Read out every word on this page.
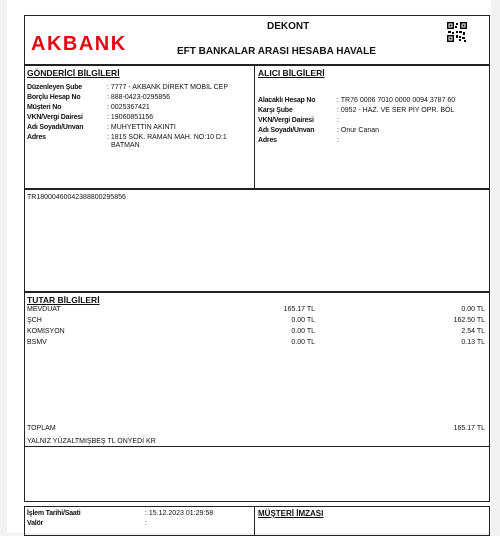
AKBANK
DEKONT
EFT BANKALAR ARASI HESABA HAVALE
GÖNDERİCİ BİLGİLERİ
Düzenleyen Şube	: 7777 - AKBANK DİREKT MOBİL CEP
Borçlu Hesap No	: 888-0423-0295856
Müşteri No	: 0025367421
VKN/Vergi Dairesi	: 19060851156
Adı Soyadı/Unvan	: MUHYETTİN AKINTI
Adres	: 1815 SOK. RAMAN MAH. NO:10 D:1
BATMAN
ALICI BİLGİLERİ
Alacaklı Hesap No	: TR76 0006 7010 0000 0094 3787 60
Karşı Şube	: 0952 - HAZ. VE SER PİY OPR. BÖL
VKN/Vergi Dairesi	:
Adı Soyadı/Unvan	: Onur Canan
Adres	:
TR18000460042388800295856
TUTAR BİLGİLERİ
MEVDUAT	165.17 TL	0.00 TL
ŞCH	0.00 TL	162.50 TL
KOMİSYON	0.00 TL	2.54 TL
BSMV	0.00 TL	0.13 TL
TOPLAM	165.17 TL
YALNIZ YÜZALTMIŞBEŞ TL ONYEDİ KR
İşlem Tarihi/Saati	: 15.12.2023 01:29:58
Valör	:
MÜŞTERİ İMZASI
